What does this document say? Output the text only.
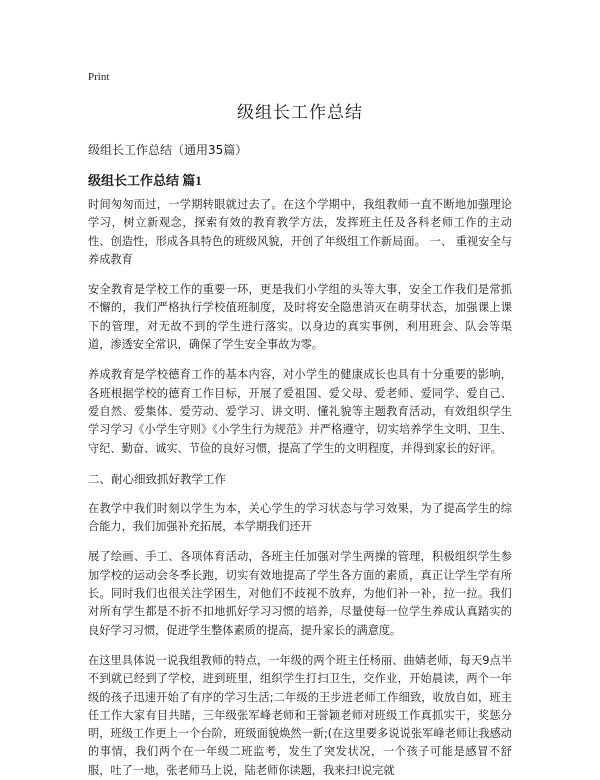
Print

级组长工作总结

级组长工作总结（通用35篇）

级组长工作总结 篇1

时间匆匆而过，一学期转眼就过去了。在这个学期中，我组教师一直不断地加强理论学习，树立新观念，探索有效的教育教学方法，发挥班主任及各科老师工作的主动性、创造性，形成各具特色的班级风貌，开创了年级组工作新局面。 一、 重视安全与养成教育

安全教育是学校工作的重要一环，更是我们小学组的头等大事，安全工作我们是常抓不懈的，我们严格执行学校值班制度，及时将安全隐患消灭在萌芽状态，加强课上课下的管理，对无故不到的学生进行落实。以身边的真实事例，利用班会、队会等渠道，渗透安全常识，确保了学生安全事故为零。

养成教育是学校德育工作的基本内容，对小学生的健康成长也具有十分重要的影响，各班根据学校的德育工作目标，开展了爱祖国、爱父母、爱老师、爱同学、爱自己、爱自然、爱集体、爱劳动、爱学习、讲文明、懂礼貌等主题教育活动，有效组织学生学习学习《小学生守则》《小学生行为规范》并严格遵守，切实培养学生文明、卫生、守纪、勤奋、诚实、节俭的良好习惯，提高了学生的文明程度，并得到家长的好评。

二、耐心细致抓好教学工作

在教学中我们时刻以学生为本，关心学生的学习状态与学习效果，为了提高学生的综合能力，我们加强补充拓展，本学期我们还开

展了绘画、手工、各项体育活动，各班主任加强对学生两操的管理，积极组织学生参加学校的运动会冬季长跑，切实有效地提高了学生各方面的素质，真正让学生学有所长。同时我们也很关注学困生，对他们不歧视不放弃，为他们补一补，拉一拉。我们对所有学生都是不折不扣地抓好学习习惯的培养，尽量使每一位学生养成认真踏实的良好学习习惯，促进学生整体素质的提高，提升家长的满意度。

在这里具体说一说我组教师的特点，一年级的两个班主任杨丽、曲婧老师，每天9点半不到就已经到了学校，进到班里，组织学生打扫卫生，交作业，开始晨读，两个一年级的孩子迅速开始了有序的学习生活;二年级的王步进老师工作细致，收放自如，班主任工作大家有目共睹，三年级张军峰老师和王誉颖老师对班级工作真抓实干，奖惩分明，班级工作更上一个台阶，班级面貌焕然一新;(在这里要多说说张军峰老师让我感动的事情，我们两个在一年级二班监考，发生了突发状况，一个孩子可能是感冒不舒服，吐了一地，张老师马上说，陆老师你读题，我来扫!说完就
